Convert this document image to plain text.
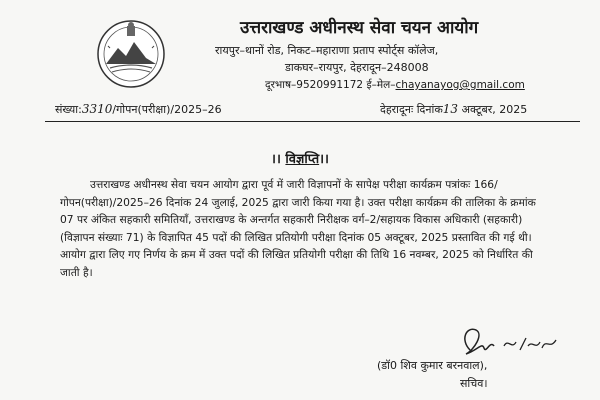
उत्तराखण्ड अधीनस्थ सेवा चयन आयोग
रायपुर–थानों रोड, निकट–महाराणा प्रताप स्पोर्ट्स कॉलेज,
डाकघर–रायपुर, देहरादून–248008
दूरभाष–9520991172 ई–मेल–chayanayog@gmail.com
संख्या:3310/गोपन(परीक्षा)/2025–26	देहरादूनः दिनांक13 अक्टूबर, 2025
।। विज्ञप्ति।।
उत्तराखण्ड अधीनस्थ सेवा चयन आयोग द्वारा पूर्व में जारी विज्ञापनों के सापेक्ष परीक्षा कार्यक्रम पत्रांकः 166/गोपन(परीक्षा)/2025–26 दिनांक 24 जुलाई, 2025 द्वारा जारी किया गया है। उक्त परीक्षा कार्यक्रम की तालिका के क्रमांक 07 पर अंकित सहकारी समितियाँ, उत्तराखण्ड के अन्तर्गत सहकारी निरीक्षक वर्ग–2/सहायक विकास अधिकारी (सहकारी) (विज्ञापन संख्याः 71) के विज्ञापित 45 पदों की लिखित प्रतियोगी परीक्षा दिनांक 05 अक्टूबर, 2025 प्रस्तावित की गई थी। आयोग द्वारा लिए गए निर्णय के क्रम में उक्त पदों की लिखित प्रतियोगी परीक्षा की तिथि 16 नवम्बर, 2025 को निर्धारित की जाती है।
(डॉ0 शिव कुमार बरनवाल),
सचिव।
